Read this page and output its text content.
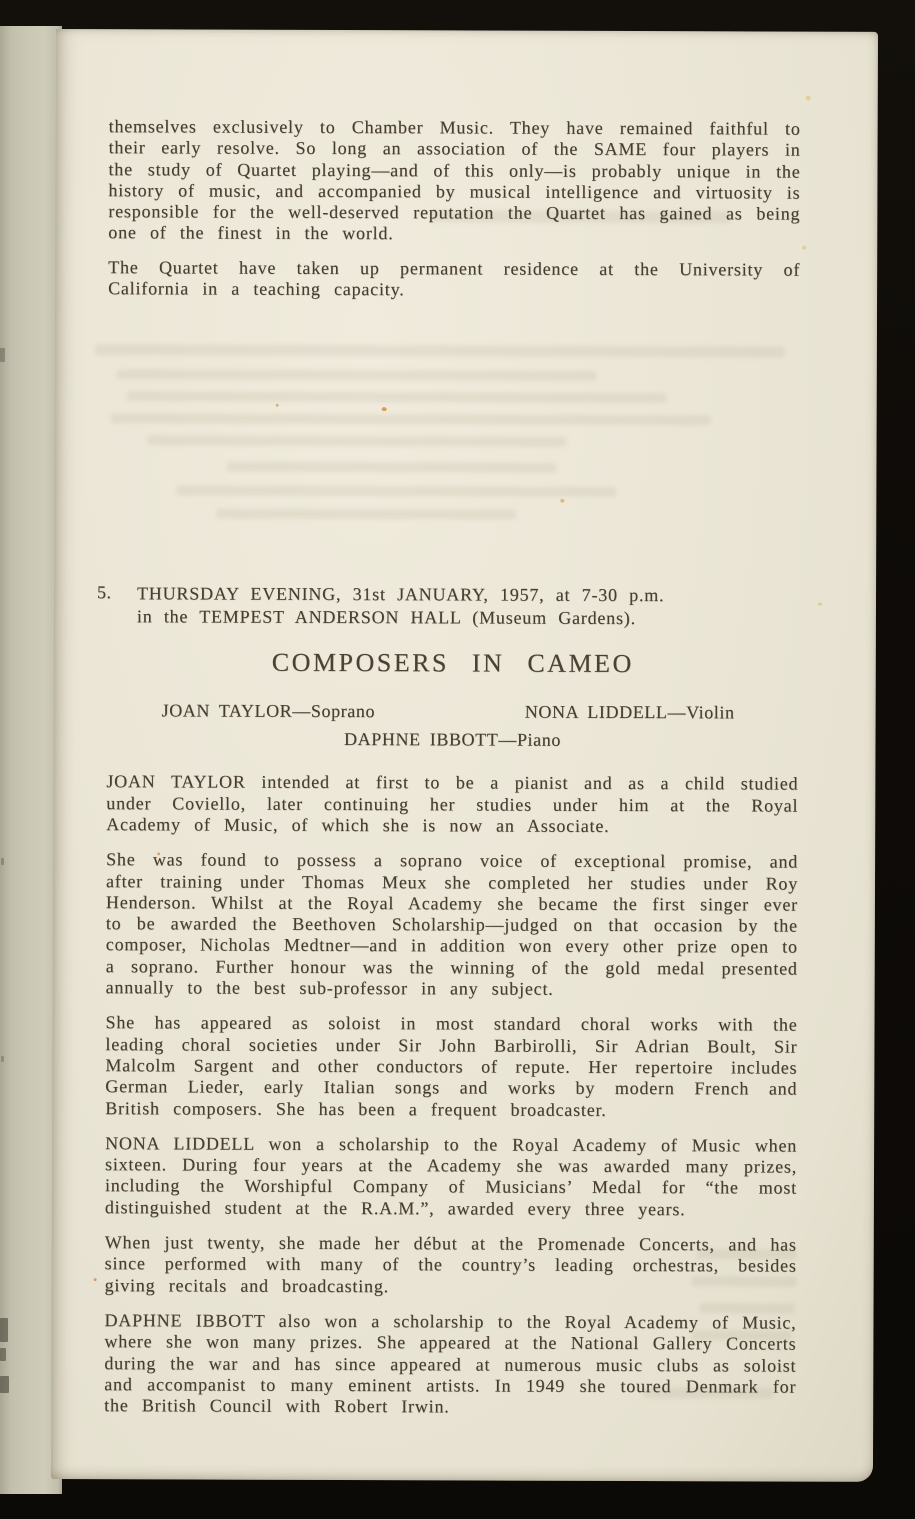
themselves exclusively to Chamber Music. They have remained faithful to their early resolve. So long an association of the SAME four players in the study of Quartet playing—and of this only—is probably unique in the history of music, and accompanied by musical intelligence and virtuosity is responsible for the well-deserved reputation the Quartet has gained as being one of the finest in the world.

The Quartet have taken up permanent residence at the University of California in a teaching capacity.

5.	THURSDAY EVENING, 31st JANUARY, 1957, at 7-30 p.m.
in the TEMPEST ANDERSON HALL (Museum Gardens).
COMPOSERS IN CAMEO
JOAN TAYLOR—Soprano	NONA LIDDELL—Violin
DAPHNE IBBOTT—Piano

JOAN TAYLOR intended at first to be a pianist and as a child studied under Coviello, later continuing her studies under him at the Royal Academy of Music, of which she is now an Associate.

She was found to possess a soprano voice of exceptional promise, and after training under Thomas Meux she completed her studies under Roy Henderson. Whilst at the Royal Academy she became the first singer ever to be awarded the Beethoven Scholarship—judged on that occasion by the composer, Nicholas Medtner—and in addition won every other prize open to a soprano. Further honour was the winning of the gold medal presented annually to the best sub-professor in any subject.

She has appeared as soloist in most standard choral works with the leading choral societies under Sir John Barbirolli, Sir Adrian Boult, Sir Malcolm Sargent and other conductors of repute. Her repertoire includes German Lieder, early Italian songs and works by modern French and British composers. She has been a frequent broadcaster.

NONA LIDDELL won a scholarship to the Royal Academy of Music when sixteen. During four years at the Academy she was awarded many prizes, including the Worshipful Company of Musicians’ Medal for “the most distinguished student at the R.A.M.”, awarded every three years.

When just twenty, she made her début at the Promenade Concerts, and has since performed with many of the country’s leading orchestras, besides giving recitals and broadcasting.

DAPHNE IBBOTT also won a scholarship to the Royal Academy of Music, where she won many prizes. She appeared at the National Gallery Concerts during the war and has since appeared at numerous music clubs as soloist and accompanist to many eminent artists. In 1949 she toured Denmark for the British Council with Robert Irwin.
